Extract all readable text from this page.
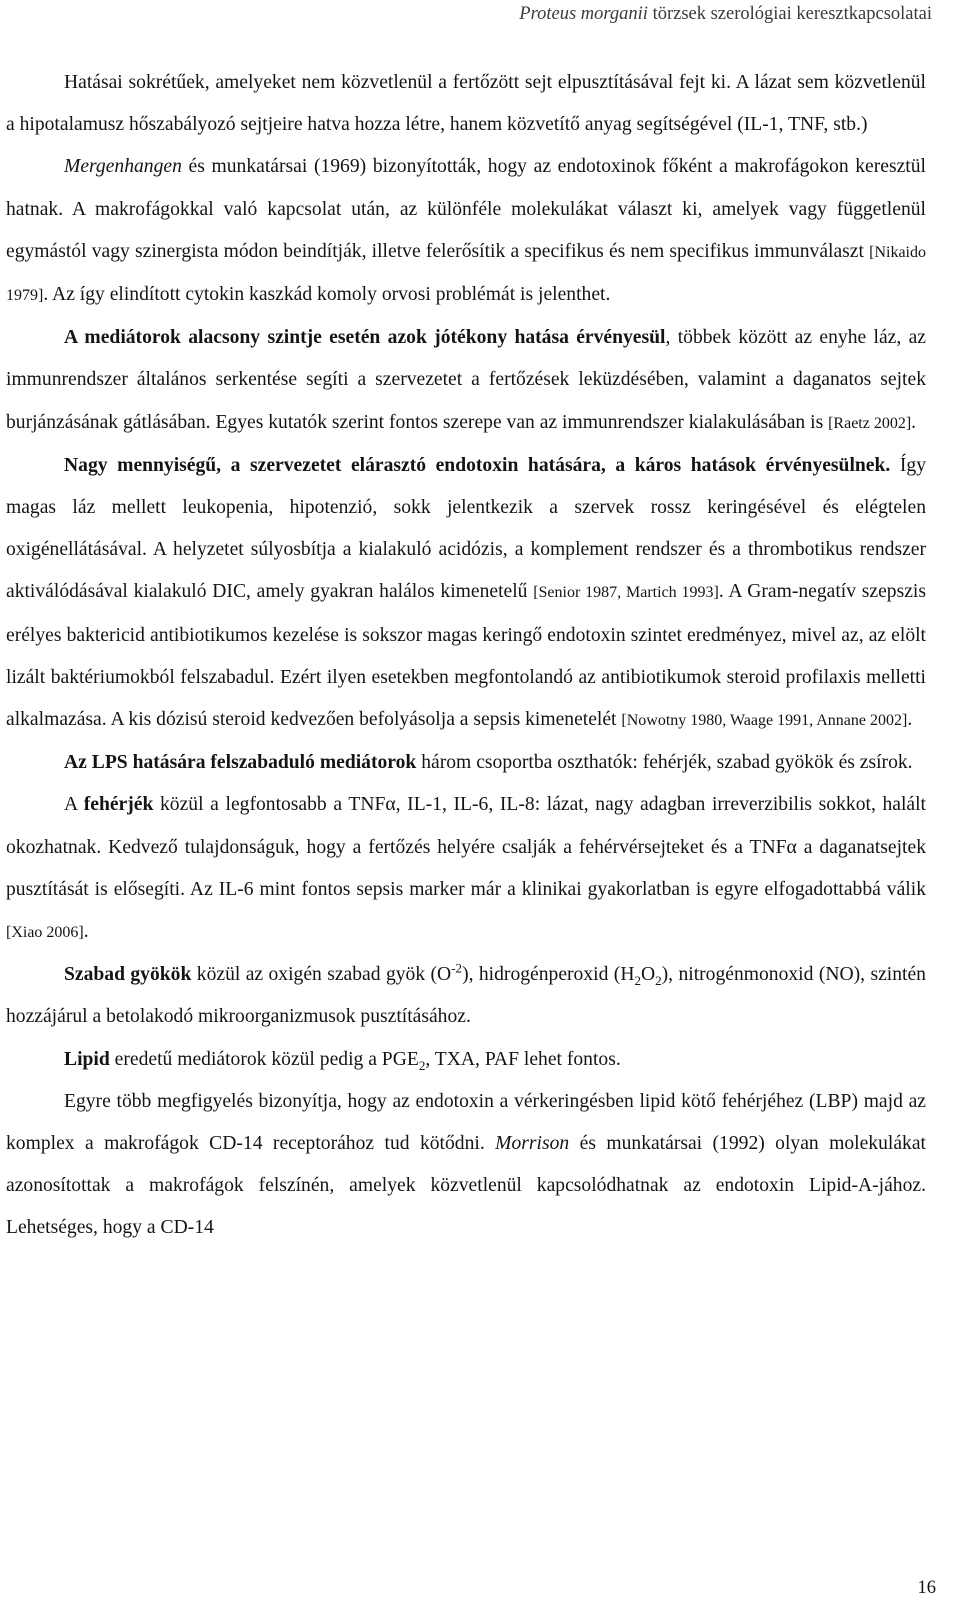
Proteus morganii törzsek szerológiai keresztkapcsolatai

Hatásai sokrétűek, amelyeket nem közvetlenül a fertőzött sejt elpusztításával fejt ki. A lázat sem közvetlenül a hipotalamusz hőszabályozó sejtjeire hatva hozza létre, hanem közvetítő anyag segítségével (IL-1, TNF, stb.)

Mergenhangen és munkatársai (1969) bizonyították, hogy az endotoxinok főként a makrofágokon keresztül hatnak. A makrofágokkal való kapcsolat után, az különféle molekulákat választ ki, amelyek vagy függetlenül egymástól vagy szinergista módon beindítják, illetve felerősítik a specifikus és nem specifikus immunválaszt [Nikaido 1979]. Az így elindított cytokin kaszkád komoly orvosi problémát is jelenthet.

A mediátorok alacsony szintje esetén azok jótékony hatása érvényesül, többek között az enyhe láz, az immunrendszer általános serkentése segíti a szervezetet a fertőzések leküzdésében, valamint a daganatos sejtek burjánzásának gátlásában. Egyes kutatók szerint fontos szerepe van az immunrendszer kialakulásában is [Raetz 2002].

Nagy mennyiségű, a szervezetet elárasztó endotoxin hatására, a káros hatások érvényesülnek. Így magas láz mellett leukopenia, hipotenzió, sokk jelentkezik a szervek rossz keringésével és elégtelen oxigénellátásával. A helyzetet súlyosbítja a kialakuló acidózis, a komplement rendszer és a thrombotikus rendszer aktiválódásával kialakuló DIC, amely gyakran halálos kimenetelű [Senior 1987, Martich 1993]. A Gram-negatív szepszis erélyes baktericid antibiotikumos kezelése is sokszor magas keringő endotoxin szintet eredményez, mivel az, az elölt lizált baktériumokból felszabadul. Ezért ilyen esetekben megfontolandó az antibiotikumok steroid profilaxis melletti alkalmazása. A kis dózisú steroid kedvezően befolyásolja a sepsis kimenetelét [Nowotny 1980, Waage 1991, Annane 2002].

Az LPS hatására felszabaduló mediátorok három csoportba oszthatók: fehérjék, szabad gyökök és zsírok.

A fehérjék közül a legfontosabb a TNFα, IL-1, IL-6, IL-8: lázat, nagy adagban irreverzibilis sokkot, halált okozhatnak. Kedvező tulajdonságuk, hogy a fertőzés helyére csalják a fehérvérsejteket és a TNFα a daganatsejtek pusztítását is elősegíti. Az IL-6 mint fontos sepsis marker már a klinikai gyakorlatban is egyre elfogadottabbá válik [Xiao 2006].

Szabad gyökök közül az oxigén szabad gyök $(O^{-2})$, hidrogénperoxid $(H_2O_2)$, nitrogénmonoxid (NO), szintén hozzájárul a betolakodó mikroorganizmusok pusztításához.

Lipid eredetű mediátorok közül pedig a $PGE_2$, TXA, PAF lehet fontos.

Egyre több megfigyelés bizonyítja, hogy az endotoxin a vérkeringésben lipid kötő fehérjéhez (LBP) majd az komplex a makrofágok CD-14 receptorához tud kötődni. Morrison és munkatársai (1992) olyan molekulákat azonosítottak a makrofágok felszínén, amelyek közvetlenül kapcsolódhatnak az endotoxin Lipid-A-jához. Lehetséges, hogy a CD-14

16
